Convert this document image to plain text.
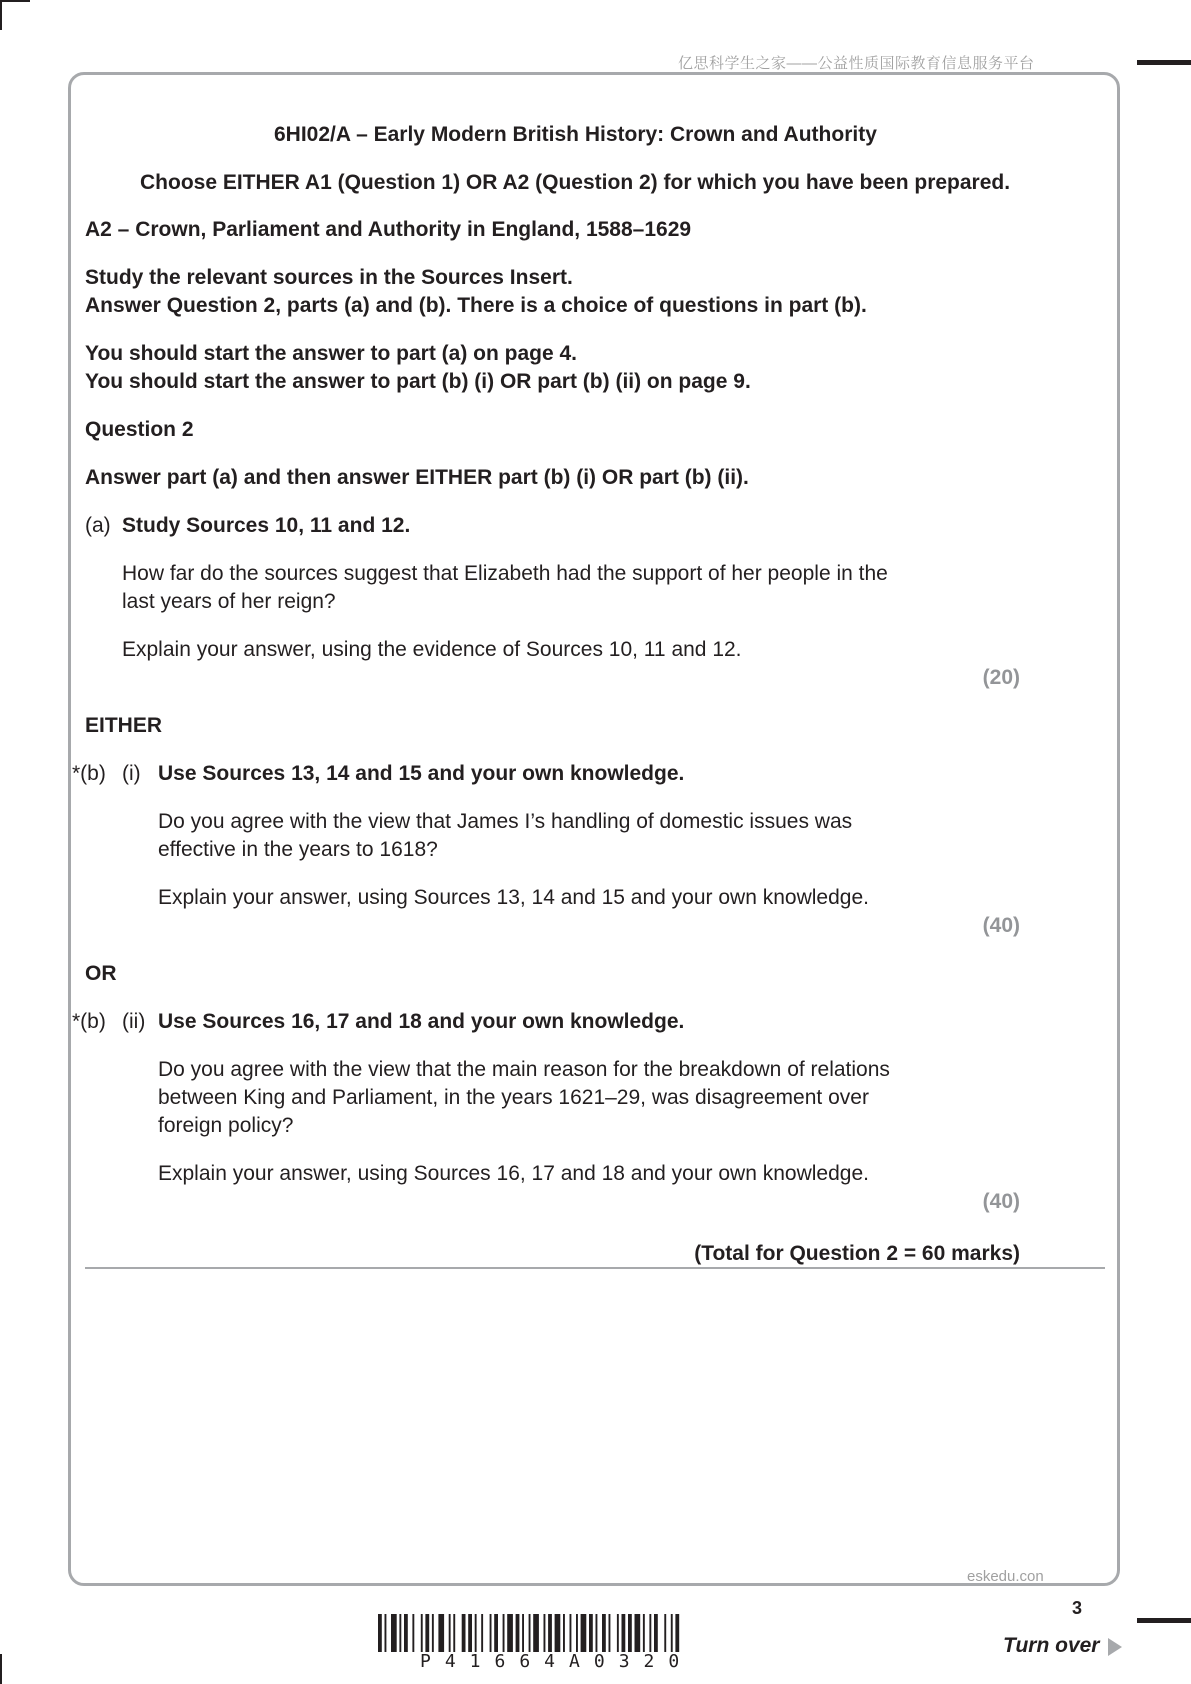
亿思科学生之家——公益性质国际教育信息服务平台
6HI02/A – Early Modern British History: Crown and Authority
Choose EITHER A1 (Question 1) OR A2 (Question 2) for which you have been prepared.
A2 – Crown, Parliament and Authority in England, 1588–1629
Study the relevant sources in the Sources Insert.
Answer Question 2, parts (a) and (b). There is a choice of questions in part (b).
You should start the answer to part (a) on page 4.
You should start the answer to part (b) (i) OR part (b) (ii) on page 9.
Question 2
Answer part (a) and then answer EITHER part (b) (i) OR part (b) (ii).
(a) Study Sources 10, 11 and 12.
How far do the sources suggest that Elizabeth had the support of her people in the
last years of her reign?
Explain your answer, using the evidence of Sources 10, 11 and 12.
(20)
EITHER
*(b) (i) Use Sources 13, 14 and 15 and your own knowledge.
Do you agree with the view that James I’s handling of domestic issues was
effective in the years to 1618?
Explain your answer, using Sources 13, 14 and 15 and your own knowledge.
(40)
OR
*(b) (ii) Use Sources 16, 17 and 18 and your own knowledge.
Do you agree with the view that the main reason for the breakdown of relations
between King and Parliament, in the years 1621–29, was disagreement over
foreign policy?
Explain your answer, using Sources 16, 17 and 18 and your own knowledge.
(40)
(Total for Question 2 = 60 marks)
eskedu.con
3
P41664A0320
Turn over
